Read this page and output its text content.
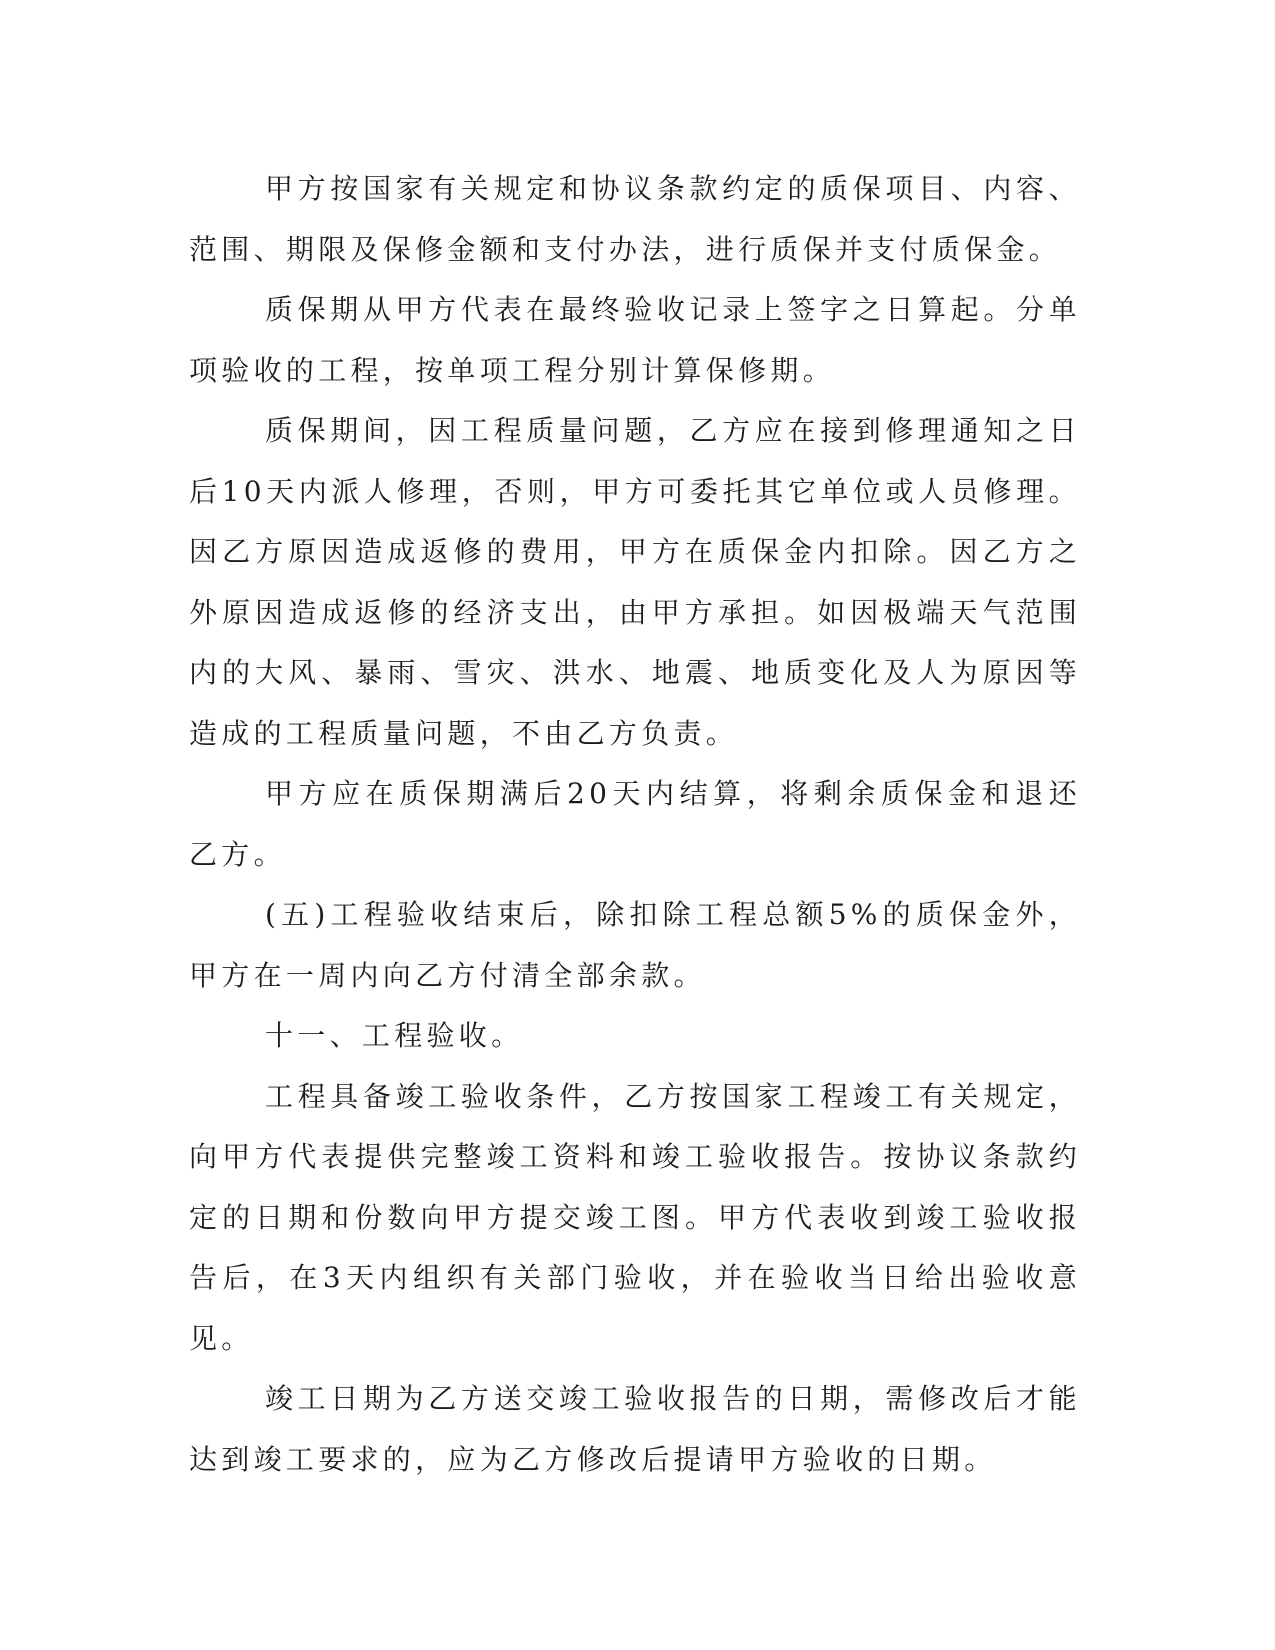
甲方按国家有关规定和协议条款约定的质保项目、内容、范围、期限及保修金额和支付办法，进行质保并支付质保金。

质保期从甲方代表在最终验收记录上签字之日算起。分单项验收的工程，按单项工程分别计算保修期。

质保期间，因工程质量问题，乙方应在接到修理通知之日后10天内派人修理，否则，甲方可委托其它单位或人员修理。因乙方原因造成返修的费用，甲方在质保金内扣除。因乙方之外原因造成返修的经济支出，由甲方承担。如因极端天气范围内的大风、暴雨、雪灾、洪水、地震、地质变化及人为原因等造成的工程质量问题，不由乙方负责。

甲方应在质保期满后20天内结算，将剩余质保金和退还乙方。

(五)工程验收结束后，除扣除工程总额5%的质保金外，甲方在一周内向乙方付清全部余款。

十一、工程验收。

工程具备竣工验收条件，乙方按国家工程竣工有关规定，向甲方代表提供完整竣工资料和竣工验收报告。按协议条款约定的日期和份数向甲方提交竣工图。甲方代表收到竣工验收报告后，在3天内组织有关部门验收，并在验收当日给出验收意见。

竣工日期为乙方送交竣工验收报告的日期，需修改后才能达到竣工要求的，应为乙方修改后提请甲方验收的日期。
